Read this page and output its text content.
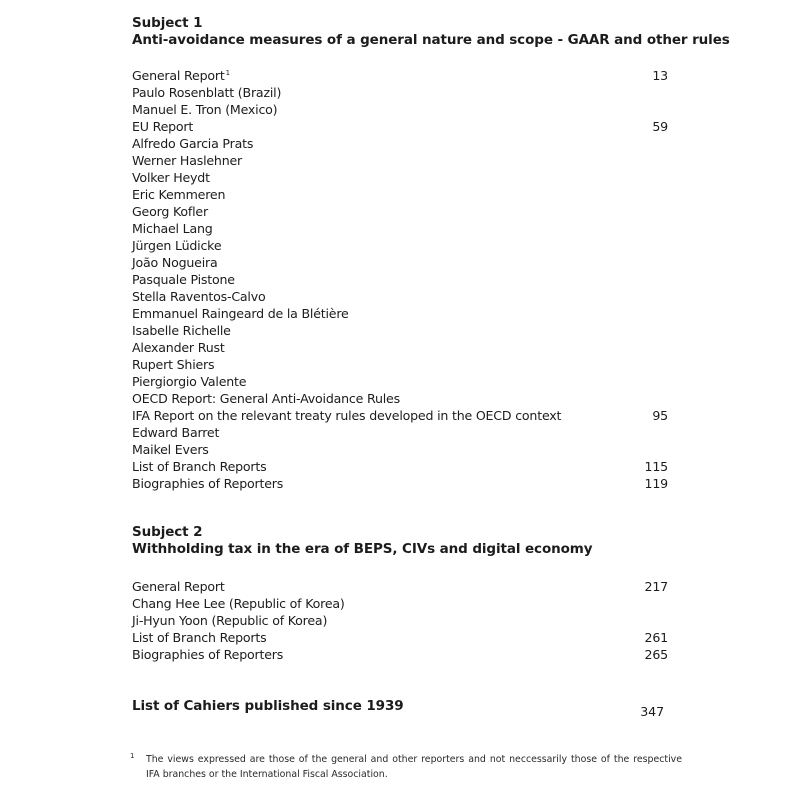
Subject 1
Anti-avoidance measures of a general nature and scope - GAAR and other rules
General Report$^1$	13
Paulo Rosenblatt (Brazil)
Manuel E. Tron (Mexico)
EU Report	59
Alfredo Garcia Prats
Werner Haslehner
Volker Heydt
Eric Kemmeren
Georg Kofler
Michael Lang
Jürgen Lüdicke
João Nogueira
Pasquale Pistone
Stella Raventos-Calvo
Emmanuel Raingeard de la Blétière
Isabelle Richelle
Alexander Rust
Rupert Shiers
Piergiorgio Valente
OECD Report: General Anti-Avoidance Rules
IFA Report on the relevant treaty rules developed in the OECD context	95
Edward Barret
Maikel Evers
List of Branch Reports	115
Biographies of Reporters	119
Subject 2
Withholding tax in the era of BEPS, CIVs and digital economy
General Report	217
Chang Hee Lee (Republic of Korea)
Ji-Hyun Yoon (Republic of Korea)
List of Branch Reports	261
Biographies of Reporters	265
List of Cahiers published since 1939	347
1	The views expressed are those of the general and other reporters and not neccessarily those of the respective IFA branches or the International Fiscal Association.
